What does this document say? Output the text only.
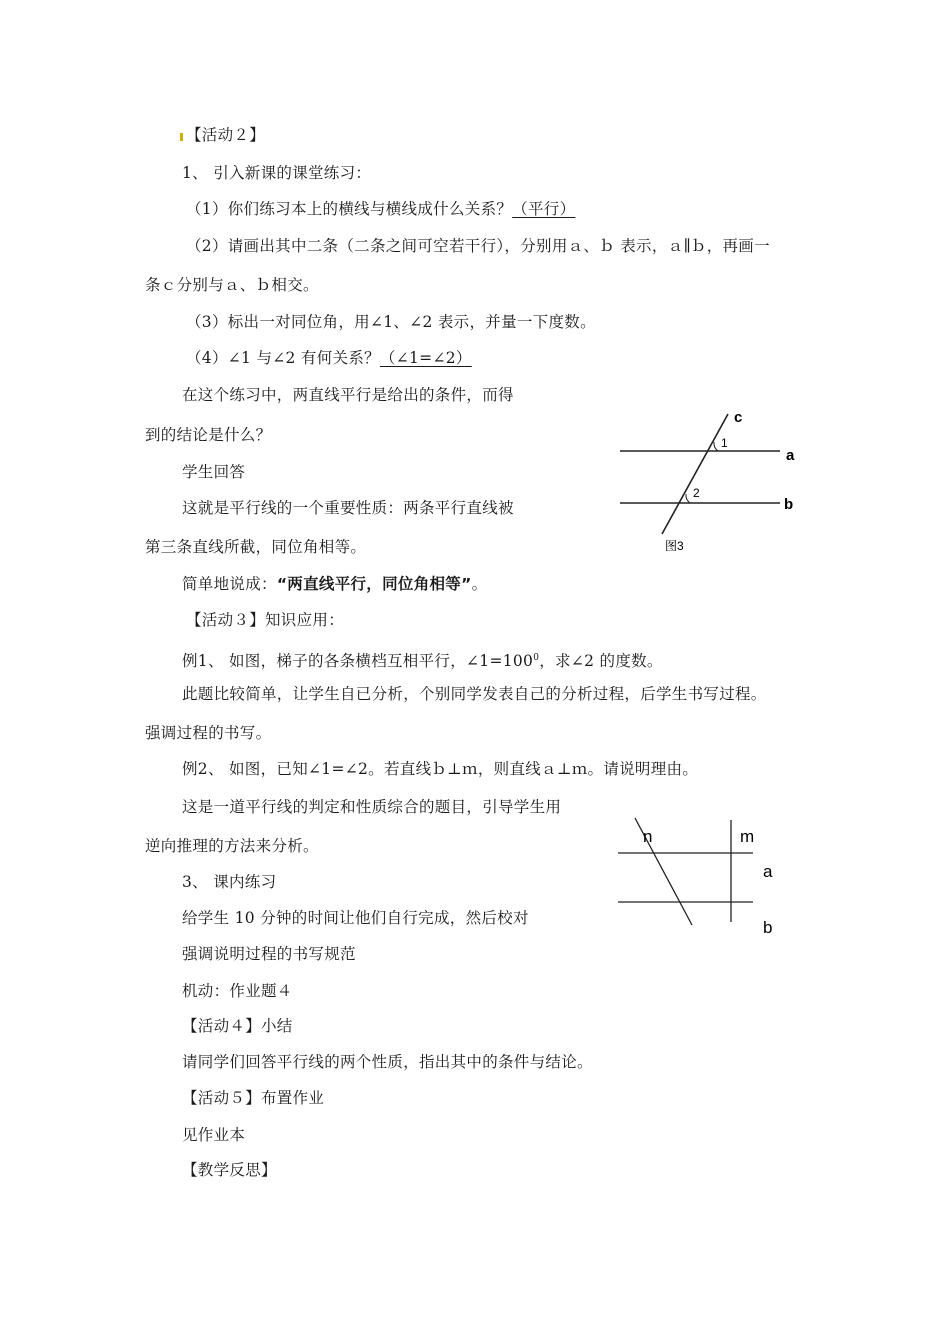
【活动２】
1、 引入新课的课堂练习：
（1）你们练习本上的横线与横线成什么关系？（平行）
（2）请画出其中二条（二条之间可空若干行），分别用ａ、ｂ 表示，ａ∥ｂ，再画一
条ｃ分别与ａ、ｂ相交。
（3）标出一对同位角，用∠1、∠2 表示，并量一下度数。
（4）∠1 与∠2 有何关系？（∠1=∠2）
在这个练习中，两直线平行是给出的条件，而得
到的结论是什么？
学生回答
这就是平行线的一个重要性质：两条平行直线被
第三条直线所截，同位角相等。
简单地说成：“两直线平行，同位角相等”。
【活动３】知识应用：
例1、 如图，梯子的各条横档互相平行，$\angle 1=100^0$，求∠2 的度数。
此题比较简单，让学生自已分析，个别同学发表自己的分析过程，后学生书写过程。
强调过程的书写。
例2、 如图，已知∠1=∠2。若直线ｂ⊥ｍ，则直线ａ⊥ｍ。请说明理由。
这是一道平行线的判定和性质综合的题目，引导学生用
逆向推理的方法来分析。
3、 课内练习
给学生 10 分钟的时间让他们自行完成，然后校对
强调说明过程的书写规范
机动：作业题４
【活动４】小结
请同学们回答平行线的两个性质，指出其中的条件与结论。
【活动５】布置作业
见作业本
【教学反思】
c
a
b
1
2
图3
n	m
a
b
